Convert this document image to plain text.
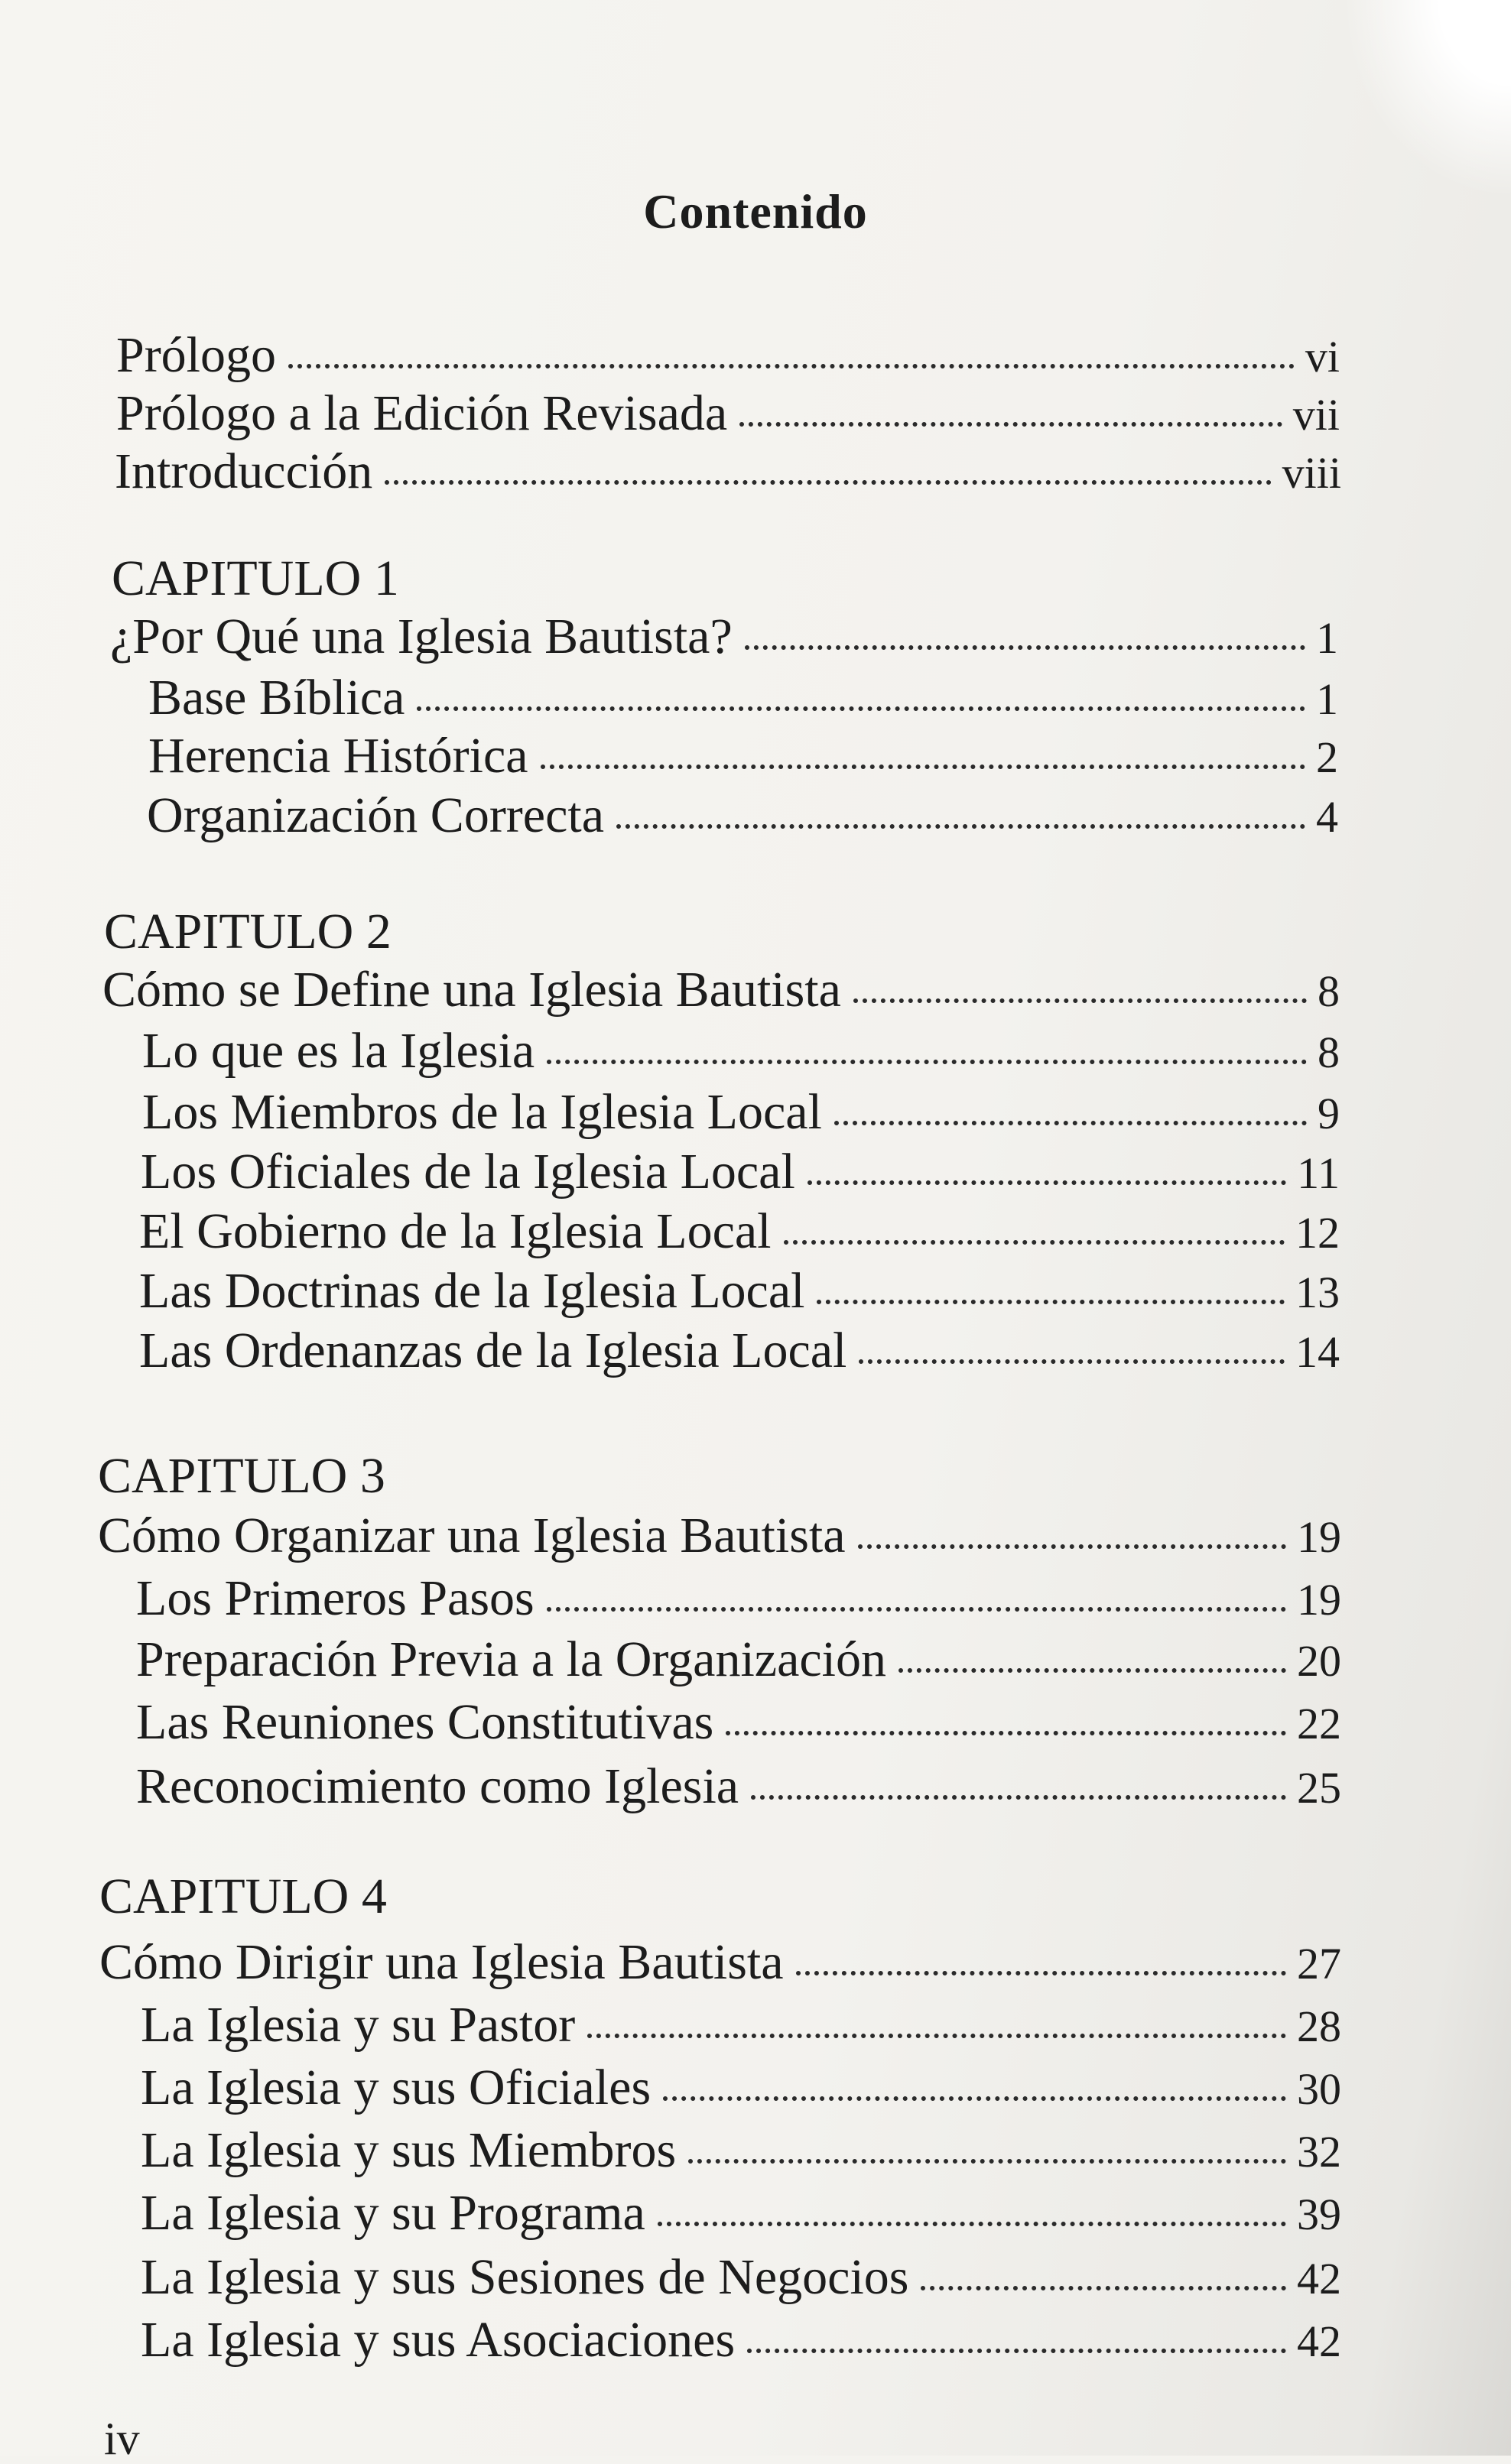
Contenido
Prólogo	vi
Prólogo a la Edición Revisada	vii
Introducción	viii
CAPITULO 1
¿Por Qué una Iglesia Bautista?	1
Base Bíblica	1
Herencia Histórica	2
Organización Correcta	4
CAPITULO 2
Cómo se Define una Iglesia Bautista	8
Lo que es la Iglesia	8
Los Miembros de la Iglesia Local	9
Los Oficiales de la Iglesia Local	11
El Gobierno de la Iglesia Local	12
Las Doctrinas de la Iglesia Local	13
Las Ordenanzas de la Iglesia Local	14
CAPITULO 3
Cómo Organizar una Iglesia Bautista	19
Los Primeros Pasos	19
Preparación Previa a la Organización	20
Las Reuniones Constitutivas	22
Reconocimiento como Iglesia	25
CAPITULO 4
Cómo Dirigir una Iglesia Bautista	27
La Iglesia y su Pastor	28
La Iglesia y sus Oficiales	30
La Iglesia y sus Miembros	32
La Iglesia y su Programa	39
La Iglesia y sus Sesiones de Negocios	42
La Iglesia y sus Asociaciones	42
iv
